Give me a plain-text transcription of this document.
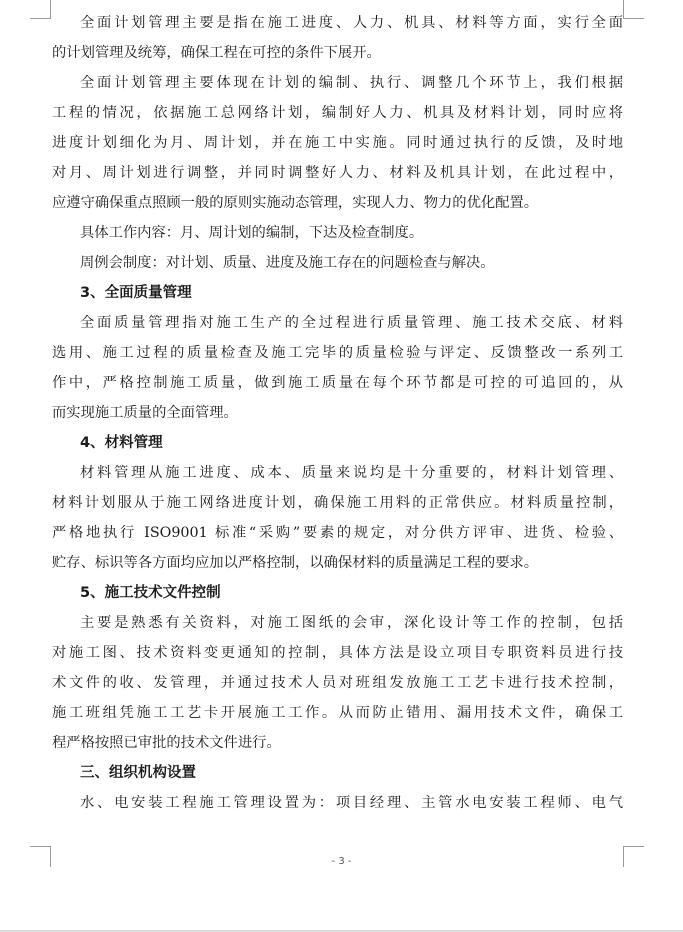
全面计划管理主要是指在施工进度、人力、机具、材料等方面，实行全面
的计划管理及统筹，确保工程在可控的条件下展开。
全面计划管理主要体现在计划的编制、执行、调整几个环节上，我们根据
工程的情况，依据施工总网络计划，编制好人力、机具及材料计划，同时应将
进度计划细化为月、周计划，并在施工中实施。同时通过执行的反馈，及时地
对月、周计划进行调整，并同时调整好人力、材料及机具计划，在此过程中，
应遵守确保重点照顾一般的原则实施动态管理，实现人力、物力的优化配置。
具体工作内容：月、周计划的编制，下达及检查制度。
周例会制度：对计划、质量、进度及施工存在的问题检查与解决。
3、全面质量管理
全面质量管理指对施工生产的全过程进行质量管理、施工技术交底、材料
选用、施工过程的质量检查及施工完毕的质量检验与评定、反馈整改一系列工
作中，严格控制施工质量，做到施工质量在每个环节都是可控的可追回的，从
而实现施工质量的全面管理。
4、材料管理
材料管理从施工进度、成本、质量来说均是十分重要的，材料计划管理、
材料计划服从于施工网络进度计划，确保施工用料的正常供应。材料质量控制，
严格地执行 ISO9001 标准“采购”要素的规定，对分供方评审、进货、检验、
贮存、标识等各方面均应加以严格控制，以确保材料的质量满足工程的要求。
5、施工技术文件控制
主要是熟悉有关资料，对施工图纸的会审，深化设计等工作的控制，包括
对施工图、技术资料变更通知的控制，具体方法是设立项目专职资料员进行技
术文件的收、发管理，并通过技术人员对班组发放施工工艺卡进行技术控制，
施工班组凭施工工艺卡开展施工工作。从而防止错用、漏用技术文件，确保工
程严格按照已审批的技术文件进行。
三、组织机构设置
水、电安装工程施工管理设置为：项目经理、主管水电安装工程师、电气
- 3 -
